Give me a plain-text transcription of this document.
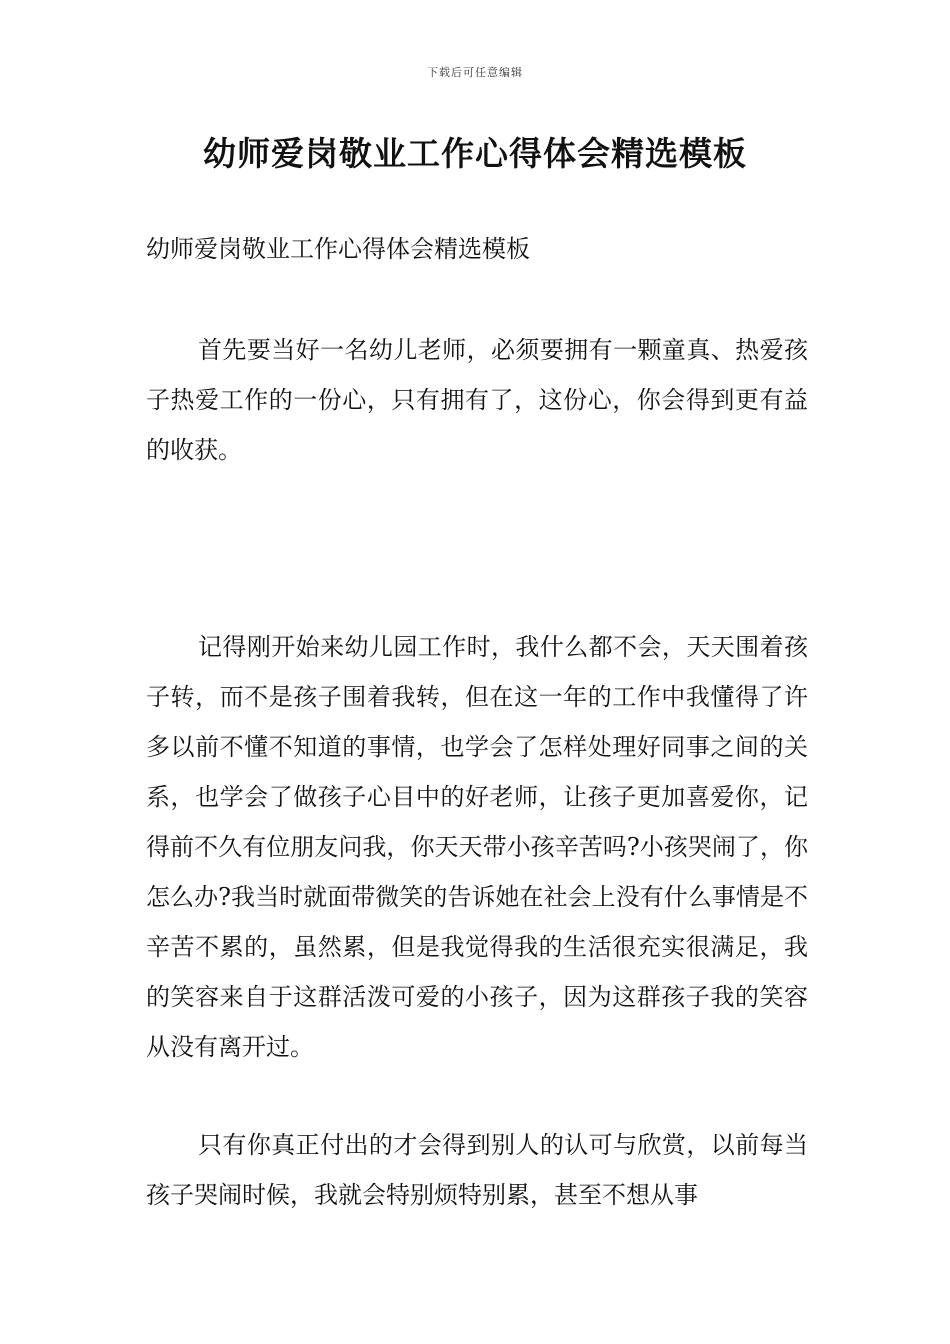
下载后可任意编辑
幼师爱岗敬业工作心得体会精选模板
幼师爱岗敬业工作心得体会精选模板

首先要当好一名幼儿老师，必须要拥有一颗童真、热爱孩子热爱工作的一份心，只有拥有了，这份心，你会得到更有益的收获。

记得刚开始来幼儿园工作时，我什么都不会，天天围着孩子转，而不是孩子围着我转，但在这一年的工作中我懂得了许多以前不懂不知道的事情，也学会了怎样处理好同事之间的关系，也学会了做孩子心目中的好老师，让孩子更加喜爱你，记得前不久有位朋友问我，你天天带小孩辛苦吗?小孩哭闹了，你怎么办?我当时就面带微笑的告诉她在社会上没有什么事情是不辛苦不累的，虽然累，但是我觉得我的生活很充实很满足，我的笑容来自于这群活泼可爱的小孩子，因为这群孩子我的笑容从没有离开过。

只有你真正付出的才会得到别人的认可与欣赏，以前每当孩子哭闹时候，我就会特别烦特别累，甚至不想从事
